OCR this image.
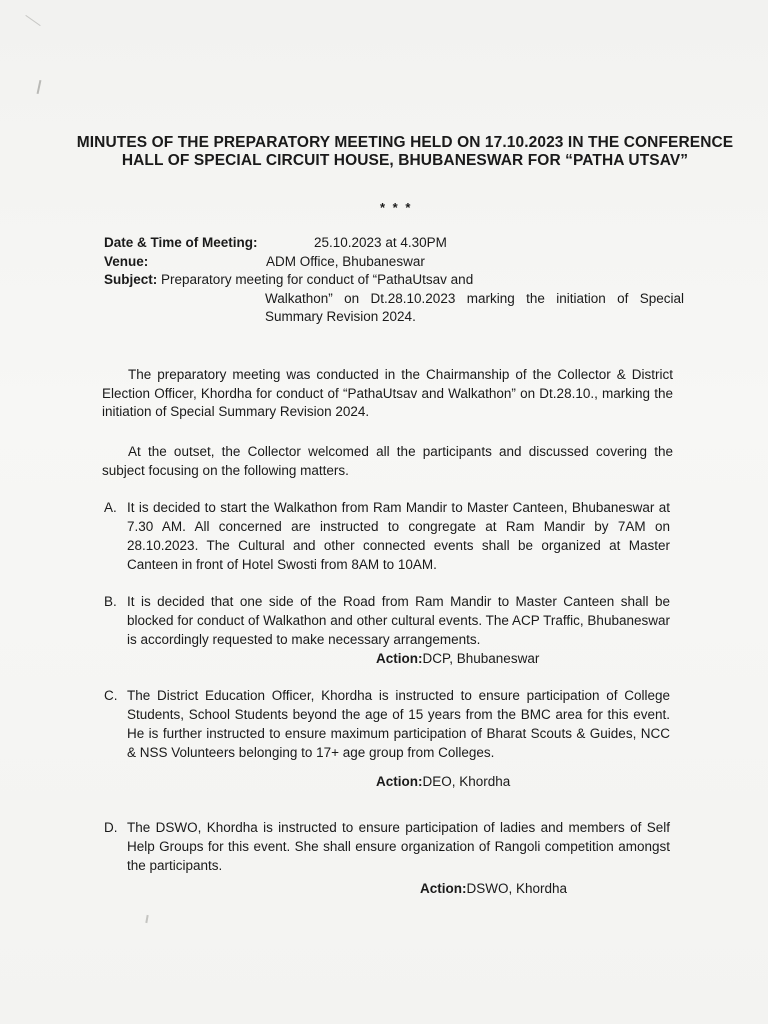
MINUTES OF THE PREPARATORY MEETING HELD ON 17.10.2023 IN THE CONFERENCE HALL OF SPECIAL CIRCUIT HOUSE, BHUBANESWAR FOR “PATHA UTSAV”
* * *
Date & Time of Meeting:	25.10.2023 at 4.30PM
Venue:	ADM Office, Bhubaneswar
Subject: Preparatory meeting for conduct of “PathaUtsav and
Walkathon” on Dt.28.10.2023 marking the initiation of Special Summary Revision 2024.
The preparatory meeting was conducted in the Chairmanship of the Collector & District Election Officer, Khordha for conduct of “PathaUtsav and Walkathon” on Dt.28.10., marking the initiation of Special Summary Revision 2024.
At the outset, the Collector welcomed all the participants and discussed covering the subject focusing on the following matters.
A. It is decided to start the Walkathon from Ram Mandir to Master Canteen, Bhubaneswar at 7.30 AM. All concerned are instructed to congregate at Ram Mandir by 7AM on 28.10.2023. The Cultural and other connected events shall be organized at Master Canteen in front of Hotel Swosti from 8AM to 10AM.
B. It is decided that one side of the Road from Ram Mandir to Master Canteen shall be blocked for conduct of Walkathon and other cultural events. The ACP Traffic, Bhubaneswar is accordingly requested to make necessary arrangements.
Action:DCP, Bhubaneswar
C. The District Education Officer, Khordha is instructed to ensure participation of College Students, School Students beyond the age of 15 years from the BMC area for this event. He is further instructed to ensure maximum participation of Bharat Scouts & Guides, NCC & NSS Volunteers belonging to 17+ age group from Colleges.
Action:DEO, Khordha
D. The DSWO, Khordha is instructed to ensure participation of ladies and members of Self Help Groups for this event. She shall ensure organization of Rangoli competition amongst the participants.
Action:DSWO, Khordha
